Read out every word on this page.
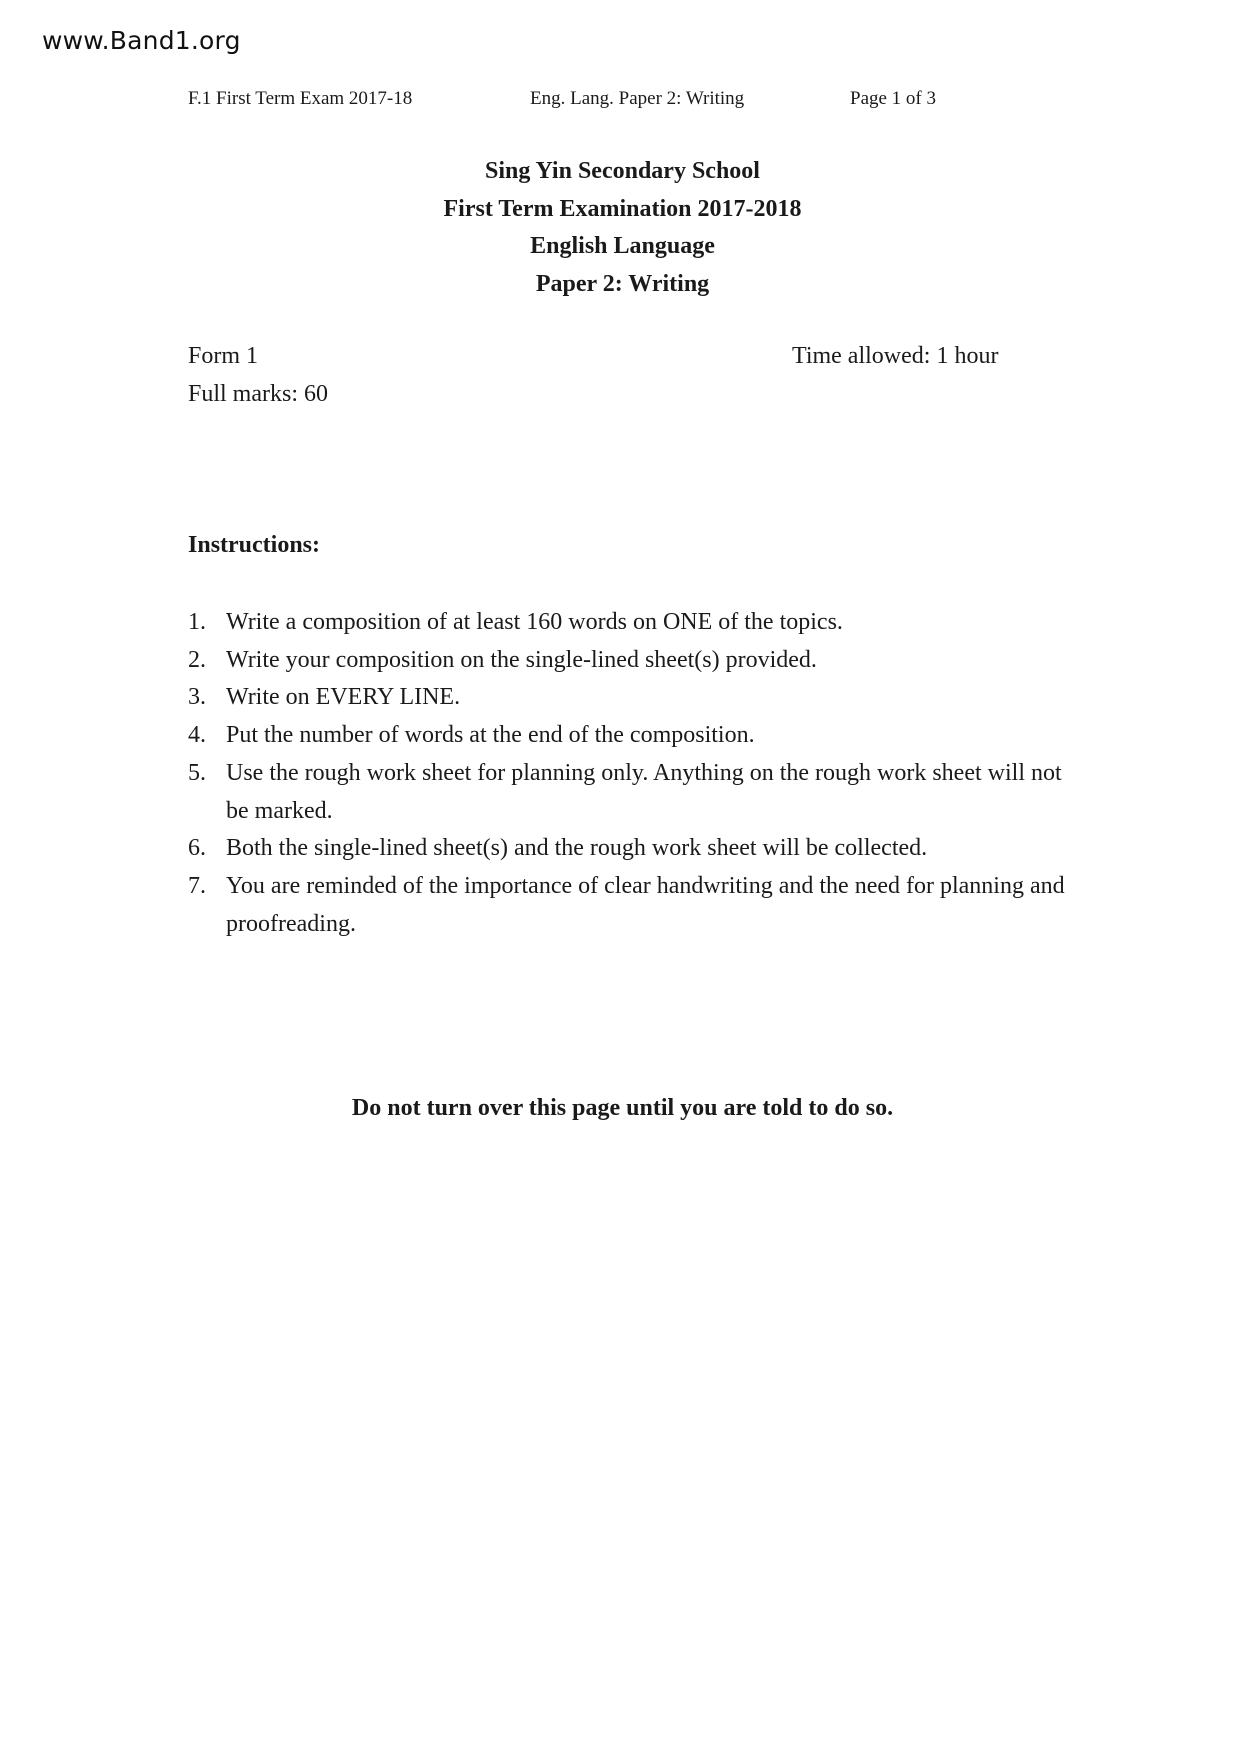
www.Band1.org
F.1 First Term Exam 2017-18	Eng. Lang. Paper 2: Writing	Page 1 of 3
Sing Yin Secondary School
First Term Examination 2017-2018
English Language
Paper 2: Writing
Form 1
Full marks: 60
Time allowed: 1 hour
Instructions:
1. Write a composition of at least 160 words on ONE of the topics.
2. Write your composition on the single-lined sheet(s) provided.
3. Write on EVERY LINE.
4. Put the number of words at the end of the composition.
5. Use the rough work sheet for planning only. Anything on the rough work sheet will not be marked.
6. Both the single-lined sheet(s) and the rough work sheet will be collected.
7. You are reminded of the importance of clear handwriting and the need for planning and proofreading.
Do not turn over this page until you are told to do so.
